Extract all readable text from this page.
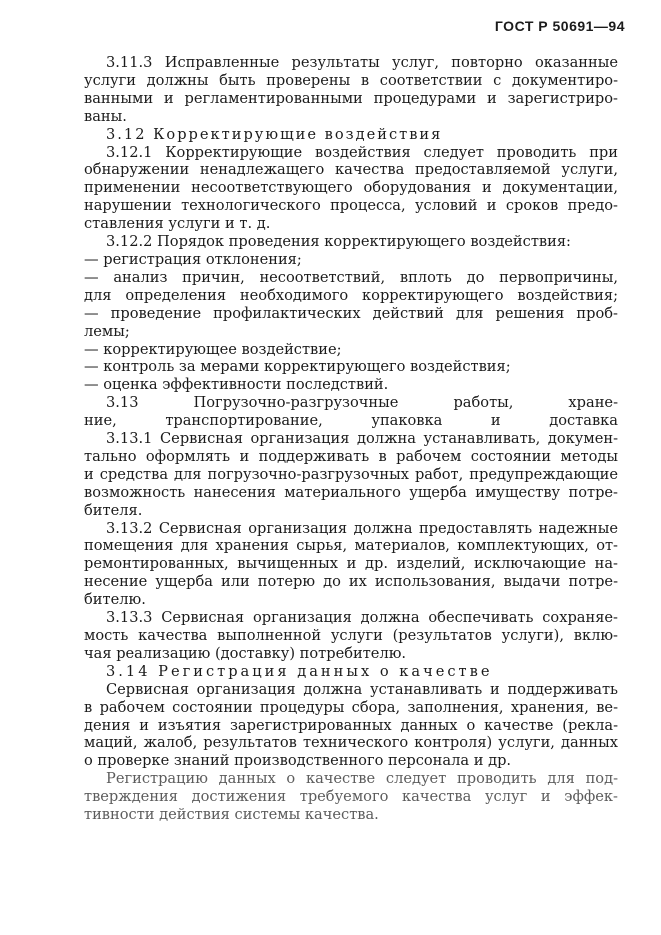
ГОСТ Р 50691—94
3.11.3 Исправленные результаты услуг, повторно оказанные
услуги должны быть проверены в соответствии с документиро-
ванными и регламентированными процедурами и зарегистриро-
ваны.
3.12 Корректирующие воздействия
3.12.1 Корректирующие воздействия следует проводить при
обнаружении ненадлежащего качества предоставляемой услуги,
применении несоответствующего оборудования и документации,
нарушении технологического процесса, условий и сроков предо-
ставления услуги и т. д.
3.12.2 Порядок проведения корректирующего воздействия:
— регистрация отклонения;
— анализ причин, несоответствий, вплоть до первопричины,
для определения необходимого корректирующего воздействия;
— проведение профилактических действий для решения проб-
лемы;
— корректирующее воздействие;
— контроль за мерами корректирующего воздействия;
— оценка эффективности последствий.
3.13 Погрузочно-разгрузочные работы, хране-
ние, транспортирование, упаковка и доставка
3.13.1 Сервисная организация должна устанавливать, докумен-
тально оформлять и поддерживать в рабочем состоянии методы
и средства для погрузочно-разгрузочных работ, предупреждающие
возможность нанесения материального ущерба имуществу потре-
бителя.
3.13.2 Сервисная организация должна предоставлять надежные
помещения для хранения сырья, материалов, комплектующих, от-
ремонтированных, вычищенных и др. изделий, исключающие на-
несение ущерба или потерю до их использования, выдачи потре-
бителю.
3.13.3 Сервисная организация должна обеспечивать сохраняе-
мость качества выполненной услуги (результатов услуги), вклю-
чая реализацию (доставку) потребителю.
3.14 Регистрация данных о качестве
Сервисная организация должна устанавливать и поддерживать
в рабочем состоянии процедуры сбора, заполнения, хранения, ве-
дения и изъятия зарегистрированных данных о качестве (рекла-
маций, жалоб, результатов технического контроля) услуги, данных
о проверке знаний производственного персонала и др.
Регистрацию данных о качестве следует проводить для под-
тверждения достижения требуемого качества услуг и эффек-
тивности действия системы качества.
